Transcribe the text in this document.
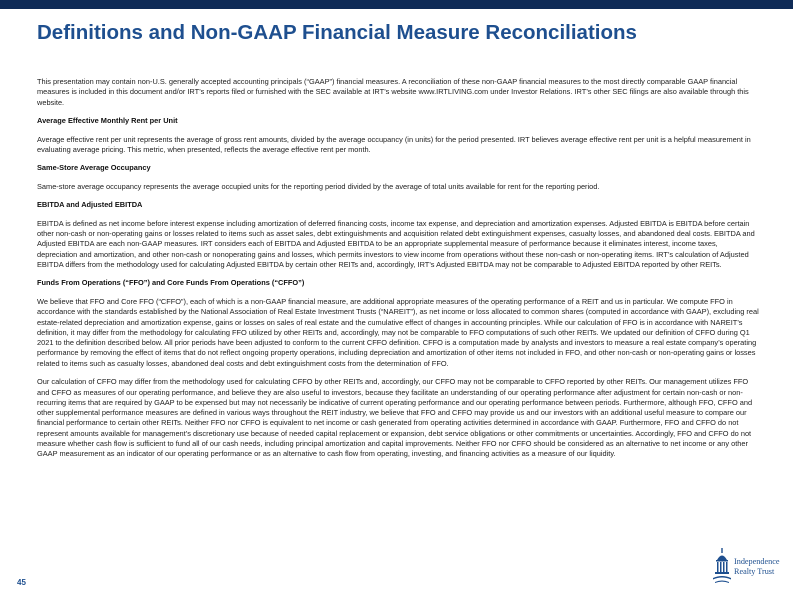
Definitions and Non-GAAP Financial Measure Reconciliations

This presentation may contain non-U.S. generally accepted accounting principals (“GAAP”) financial measures. A reconciliation of these non-GAAP financial measures to the most directly comparable GAAP financial measures is included in this document and/or IRT’s reports filed or furnished with the SEC available at IRT’s website www.IRTLIVING.com under Investor Relations. IRT’s other SEC filings are also available through this website.

Average Effective Monthly Rent per Unit

Average effective rent per unit represents the average of gross rent amounts, divided by the average occupancy (in units) for the period presented. IRT believes average effective rent per unit is a helpful measurement in evaluating average pricing. This metric, when presented, reflects the average effective rent per month.

Same-Store Average Occupancy

Same-store average occupancy represents the average occupied units for the reporting period divided by the average of total units available for rent for the reporting period.

EBITDA and Adjusted EBITDA

EBITDA is defined as net income before interest expense including amortization of deferred financing costs, income tax expense, and depreciation and amortization expenses. Adjusted EBITDA is EBITDA before certain other non-cash or non-operating gains or losses related to items such as asset sales, debt extinguishments and acquisition related debt extinguishment expenses, casualty losses, and abandoned deal costs. EBITDA and Adjusted EBITDA are each non-GAAP measures. IRT considers each of EBITDA and Adjusted EBITDA to be an appropriate supplemental measure of performance because it eliminates interest, income taxes, depreciation and amortization, and other non-cash or nonoperating gains and losses, which permits investors to view income from operations without these non-cash or non-operating items. IRT’s calculation of Adjusted EBITDA differs from the methodology used for calculating Adjusted EBITDA by certain other REITs and, accordingly, IRT’s Adjusted EBITDA may not be comparable to Adjusted EBITDA reported by other REITs.

Funds From Operations (“FFO”) and Core Funds From Operations (“CFFO”)

We believe that FFO and Core FFO (“CFFO”), each of which is a non-GAAP financial measure, are additional appropriate measures of the operating performance of a REIT and us in particular. We compute FFO in accordance with the standards established by the National Association of Real Estate Investment Trusts (“NAREIT”), as net income or loss allocated to common shares (computed in accordance with GAAP), excluding real estate-related depreciation and amortization expense, gains or losses on sales of real estate and the cumulative effect of changes in accounting principles. While our calculation of FFO is in accordance with NAREIT’s definition, it may differ from the methodology for calculating FFO utilized by other REITs and, accordingly, may not be comparable to FFO computations of such other REITs. We updated our definition of CFFO during Q1 2021 to the definition described below. All prior periods have been adjusted to conform to the current CFFO definition. CFFO is a computation made by analysts and investors to measure a real estate company’s operating performance by removing the effect of items that do not reflect ongoing property operations, including depreciation and amortization of other items not included in FFO, and other non-cash or non-operating gains or losses related to items such as casualty losses, abandoned deal costs and debt extinguishment costs from the determination of FFO.

Our calculation of CFFO may differ from the methodology used for calculating CFFO by other REITs and, accordingly, our CFFO may not be comparable to CFFO reported by other REITs. Our management utilizes FFO and CFFO as measures of our operating performance, and believe they are also useful to investors, because they facilitate an understanding of our operating performance after adjustment for certain non-cash or non-recurring items that are required by GAAP to be expensed but may not necessarily be indicative of current operating performance and our operating performance between periods. Furthermore, although FFO, CFFO and other supplemental performance measures are defined in various ways throughout the REIT industry, we believe that FFO and CFFO may provide us and our investors with an additional useful measure to compare our financial performance to certain other REITs. Neither FFO nor CFFO is equivalent to net income or cash generated from operating activities determined in accordance with GAAP. Furthermore, FFO and CFFO do not represent amounts available for management’s discretionary use because of needed capital replacement or expansion, debt service obligations or other commitments or uncertainties. Accordingly, FFO and CFFO do not measure whether cash flow is sufficient to fund all of our cash needs, including principal amortization and capital improvements. Neither FFO nor CFFO should be considered as an alternative to net income or any other GAAP measurement as an indicator of our operating performance or as an alternative to cash flow from operating, investing, and financing activities as a measure of our liquidity.

45
Independence
Realty Trust
